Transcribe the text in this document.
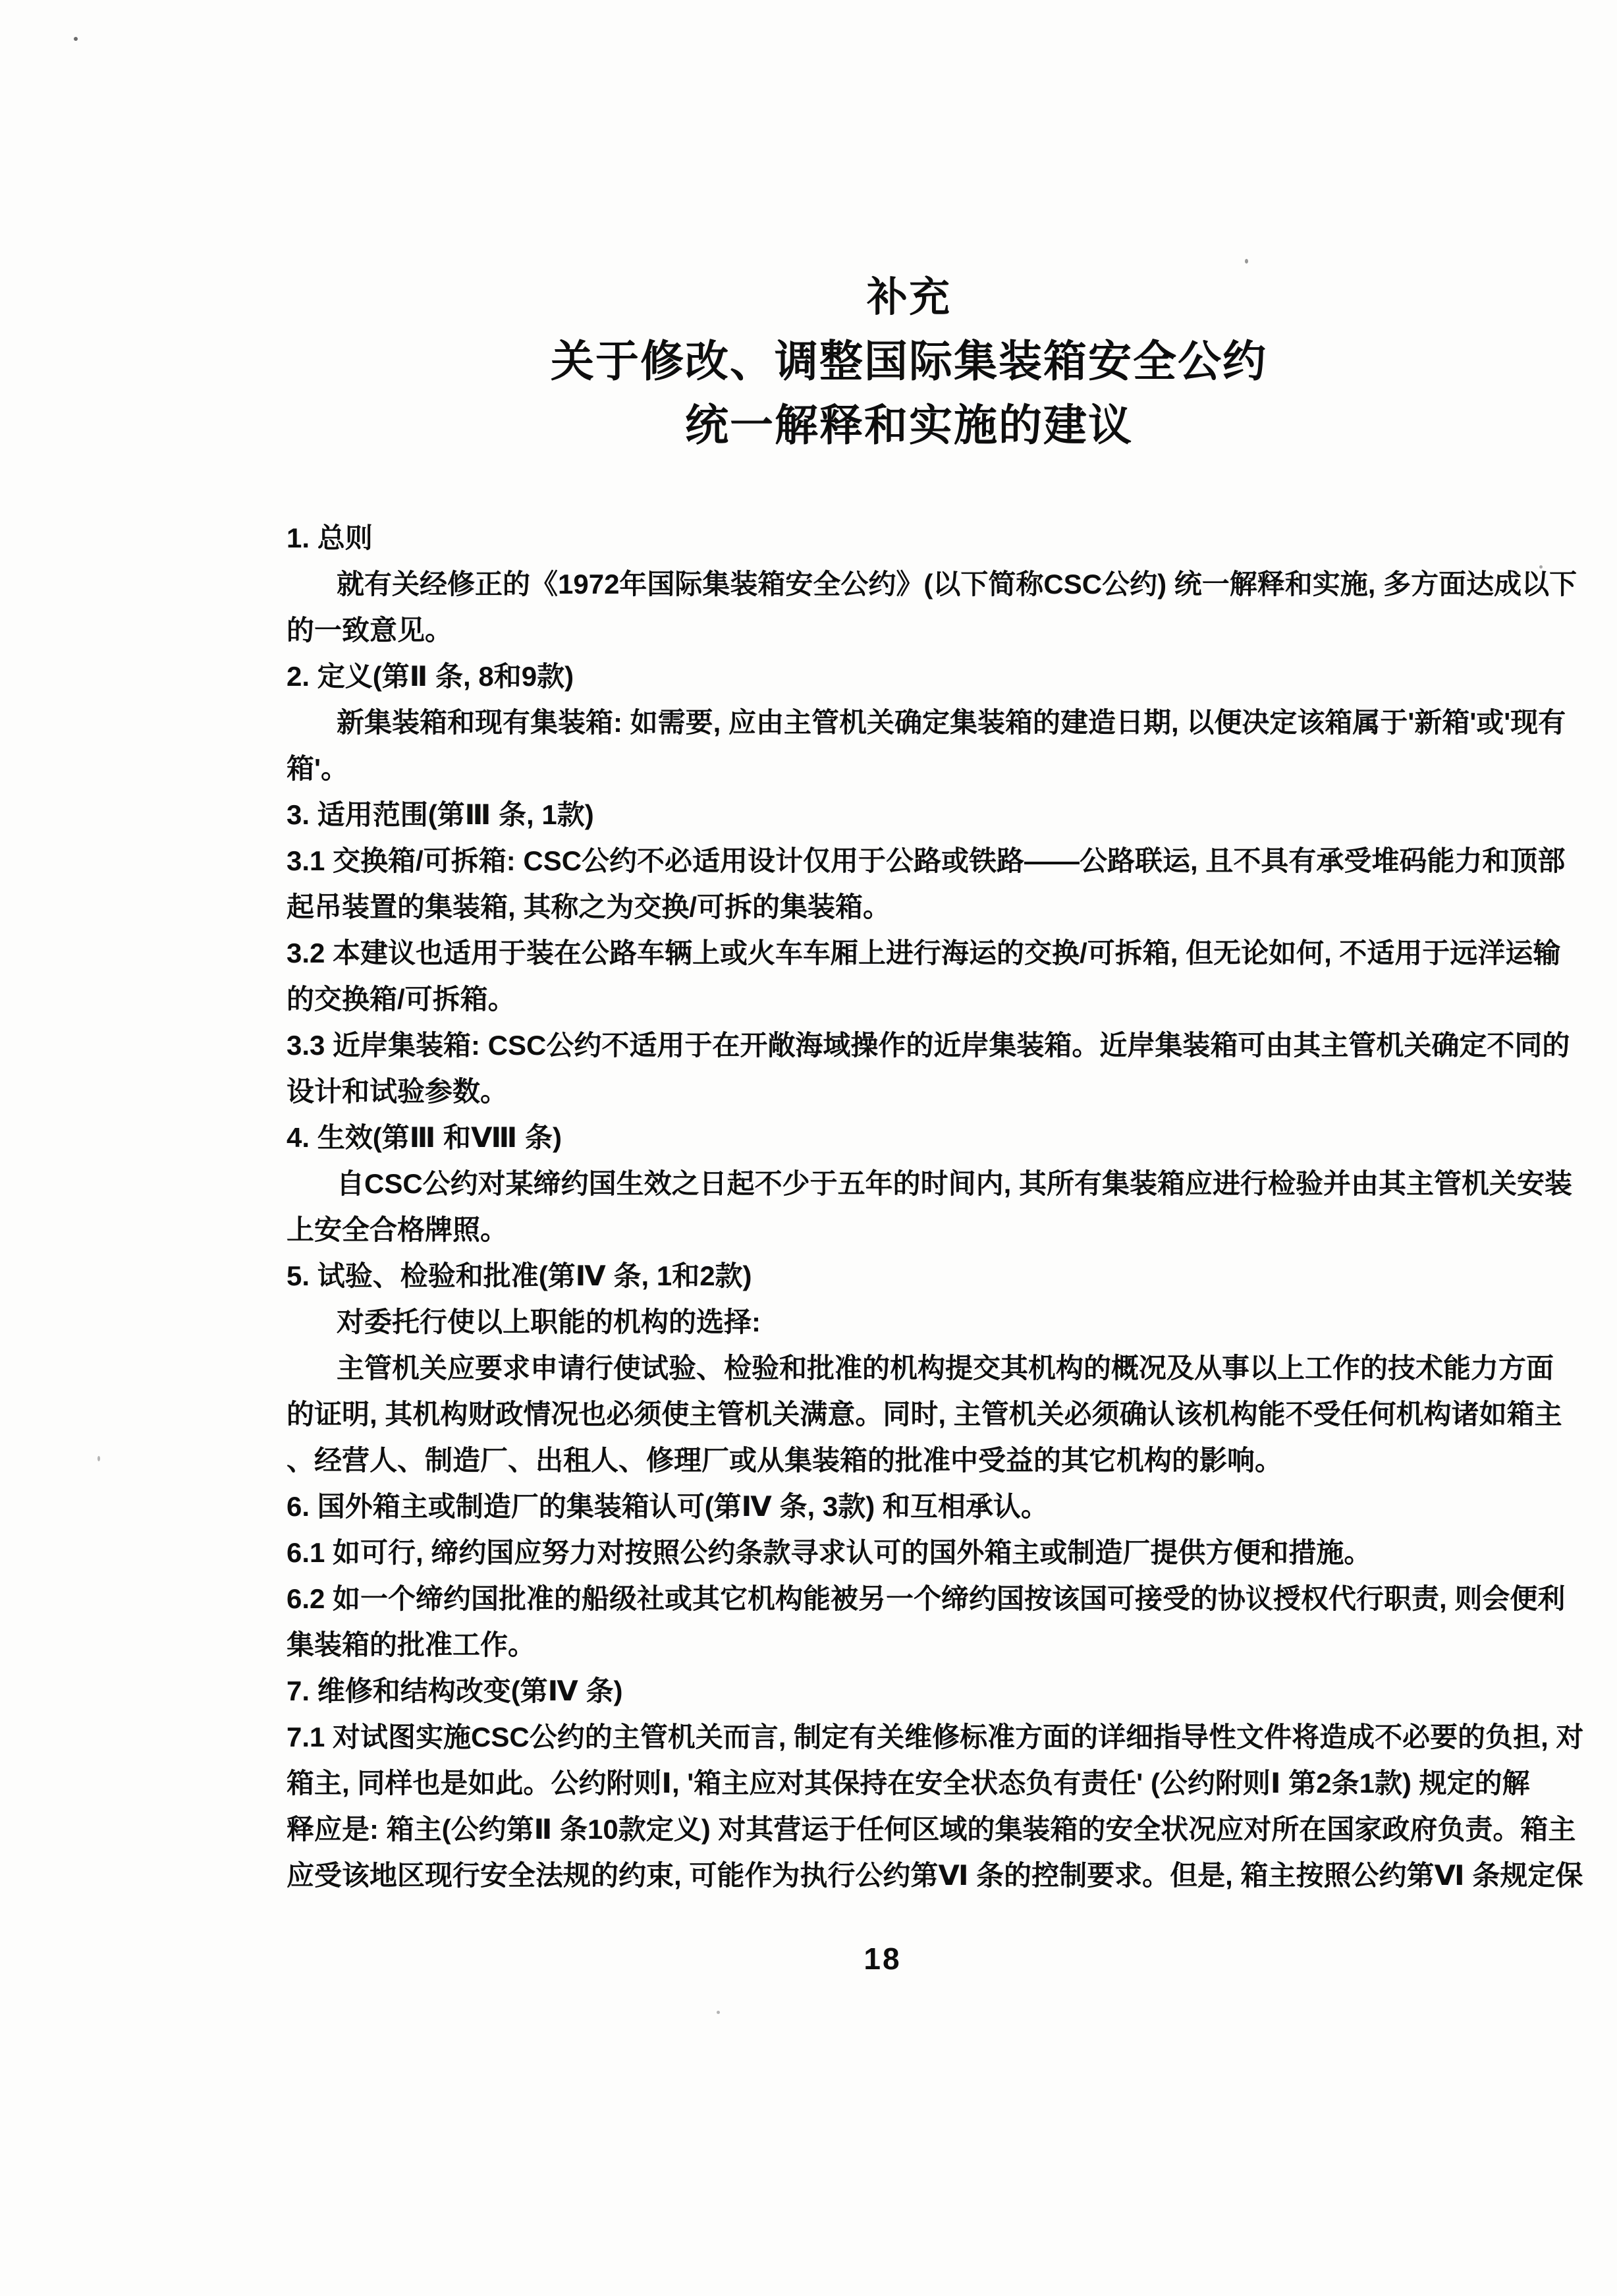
补充

关于修改、调整国际集装箱安全公约

统一解释和实施的建议

1. 总则

就有关经修正的《1972年国际集装箱安全公约》(以下简称CSC公约) 统一解释和实施, 多方面达成以下

的一致意见。

2. 定义(第Ⅱ 条, 8和9款)

新集装箱和现有集装箱: 如需要, 应由主管机关确定集装箱的建造日期, 以便决定该箱属于'新箱'或'现有

箱'。

3. 适用范围(第Ⅲ 条, 1款)

3.1 交换箱/可拆箱: CSC公约不必适用设计仅用于公路或铁路——公路联运, 且不具有承受堆码能力和顶部

起吊装置的集装箱, 其称之为交换/可拆的集装箱。

3.2 本建议也适用于装在公路车辆上或火车车厢上进行海运的交换/可拆箱, 但无论如何, 不适用于远洋运输

的交换箱/可拆箱。

3.3 近岸集装箱: CSC公约不适用于在开敞海域操作的近岸集装箱。近岸集装箱可由其主管机关确定不同的

设计和试验参数。

4. 生效(第Ⅲ 和Ⅷ 条)

自CSC公约对某缔约国生效之日起不少于五年的时间内, 其所有集装箱应进行检验并由其主管机关安装

上安全合格牌照。

5. 试验、检验和批准(第Ⅳ 条, 1和2款)

对委托行使以上职能的机构的选择:

主管机关应要求申请行使试验、检验和批准的机构提交其机构的概况及从事以上工作的技术能力方面

的证明, 其机构财政情况也必须使主管机关满意。同时, 主管机关必须确认该机构能不受任何机构诸如箱主

、经营人、制造厂、出租人、修理厂或从集装箱的批准中受益的其它机构的影响。

6. 国外箱主或制造厂的集装箱认可(第Ⅳ 条, 3款) 和互相承认。

6.1 如可行, 缔约国应努力对按照公约条款寻求认可的国外箱主或制造厂提供方便和措施。

6.2 如一个缔约国批准的船级社或其它机构能被另一个缔约国按该国可接受的协议授权代行职责, 则会便利

集装箱的批准工作。

7. 维修和结构改变(第Ⅳ 条)

7.1 对试图实施CSC公约的主管机关而言, 制定有关维修标准方面的详细指导性文件将造成不必要的负担, 对

箱主, 同样也是如此。公约附则Ⅰ, '箱主应对其保持在安全状态负有责任' (公约附则Ⅰ 第2条1款) 规定的解

释应是: 箱主(公约第Ⅱ 条10款定义) 对其营运于任何区域的集装箱的安全状况应对所在国家政府负责。箱主

应受该地区现行安全法规的约束, 可能作为执行公约第Ⅵ 条的控制要求。但是, 箱主按照公约第Ⅵ 条规定保

18
